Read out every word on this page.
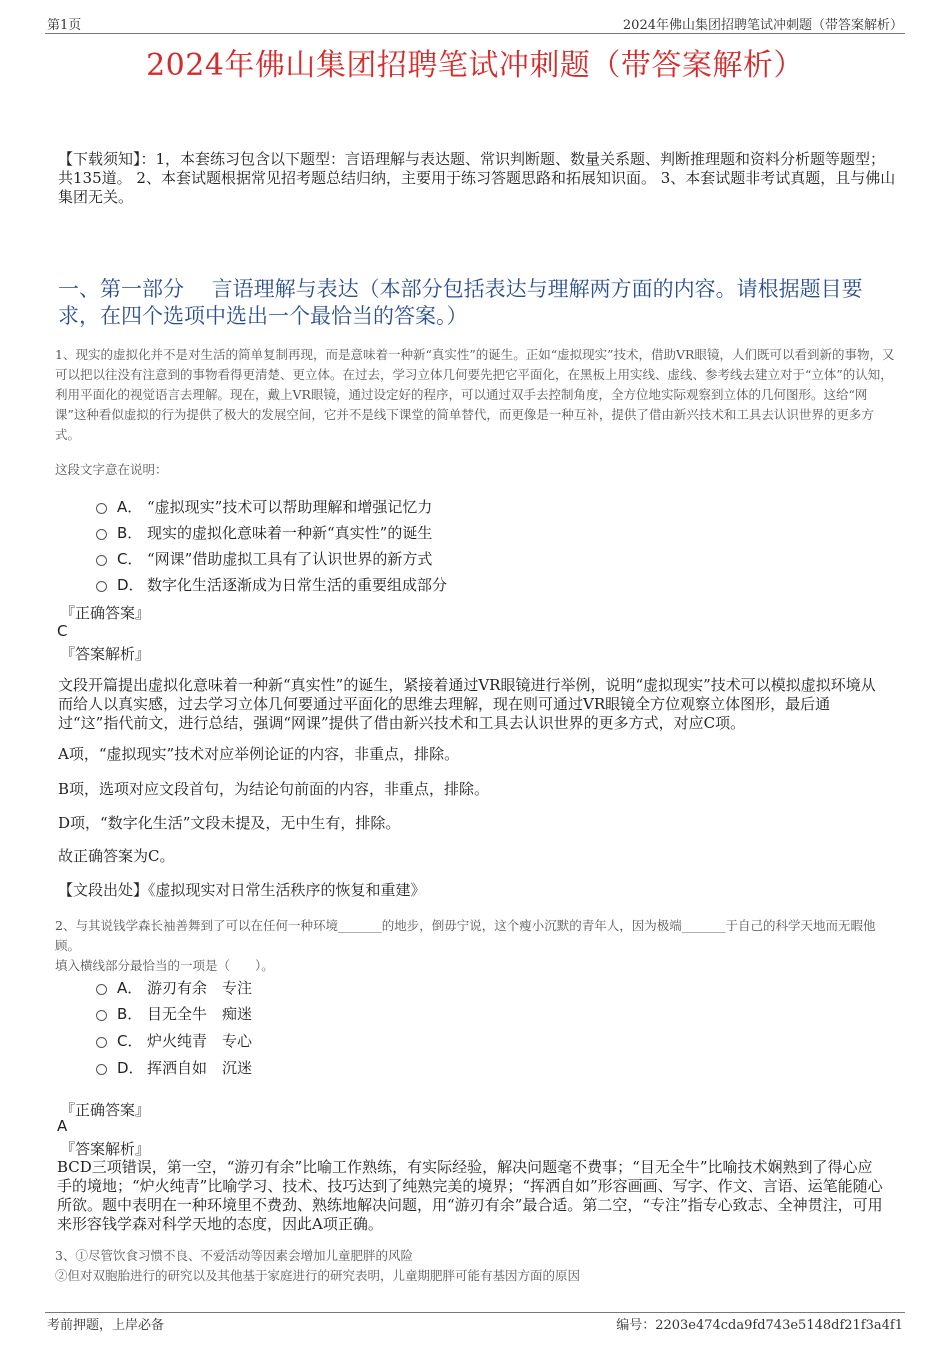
第1页	2024年佛山集团招聘笔试冲刺题（带答案解析）
2024年佛山集团招聘笔试冲刺题（带答案解析）
【下载须知】：1，本套练习包含以下题型：言语理解与表达题、常识判断题、数量关系题、判断推理题和资料分析题等题型；共135道。 2、本套试题根据常见招考题总结归纳，主要用于练习答题思路和拓展知识面。 3、本套试题非考试真题，且与佛山集团无关。
一、第一部分　 言语理解与表达（本部分包括表达与理解两方面的内容。请根据题目要求，在四个选项中选出一个最恰当的答案。）
1、现实的虚拟化并不是对生活的简单复制再现，而是意味着一种新“真实性”的诞生。正如“虚拟现实”技术，借助VR眼镜，人们既可以看到新的事物，又可以把以往没有注意到的事物看得更清楚、更立体。在过去，学习立体几何要先把它平面化，在黑板上用实线、虚线、参考线去建立对于“立体”的认知，利用平面化的视觉语言去理解。现在，戴上VR眼镜，通过设定好的程序，可以通过双手去控制角度，全方位地实际观察到立体的几何图形。这给“网课”这种看似虚拟的行为提供了极大的发展空间，它并不是线下课堂的简单替代，而更像是一种互补，提供了借由新兴技术和工具去认识世界的更多方式。
这段文字意在说明：
A． “虚拟现实”技术可以帮助理解和增强记忆力
B． 现实的虚拟化意味着一种新“真实性”的诞生
C． “网课”借助虚拟工具有了认识世界的新方式
D． 数字化生活逐渐成为日常生活的重要组成部分
『正确答案』
C
『答案解析』
文段开篇提出虚拟化意味着一种新“真实性”的诞生，紧接着通过VR眼镜进行举例，说明“虚拟现实”技术可以模拟虚拟环境从而给人以真实感，过去学习立体几何要通过平面化的思维去理解，现在则可通过VR眼镜全方位观察立体图形，最后通过“这”指代前文，进行总结，强调“网课”提供了借由新兴技术和工具去认识世界的更多方式，对应C项。
A项，“虚拟现实”技术对应举例论证的内容，非重点，排除。
B项，选项对应文段首句，为结论句前面的内容，非重点，排除。
D项，“数字化生活”文段未提及，无中生有，排除。
故正确答案为C。
【文段出处】《虚拟现实对日常生活秩序的恢复和重建》
2、与其说钱学森长袖善舞到了可以在任何一种环境_______的地步，倒毋宁说，这个瘦小沉默的青年人，因为极端_______于自己的科学天地而无暇他顾。
填入横线部分最恰当的一项是（　　）。
A． 游刃有余　专注
B． 目无全牛　痴迷
C． 炉火纯青　专心
D． 挥洒自如　沉迷
『正确答案』
A
『答案解析』
BCD三项错误，第一空，“游刃有余”比喻工作熟练，有实际经验，解决问题毫不费事；“目无全牛”比喻技术娴熟到了得心应手的境地；“炉火纯青”比喻学习、技术、技巧达到了纯熟完美的境界；“挥洒自如”形容画画、写字、作文、言语、运笔能随心所欲。题中表明在一种环境里不费劲、熟练地解决问题，用“游刃有余”最合适。第二空，“专注”指专心致志、全神贯注，可用来形容钱学森对科学天地的态度，因此A项正确。
3、①尽管饮食习惯不良、不爱活动等因素会增加儿童肥胖的风险
②但对双胞胎进行的研究以及其他基于家庭进行的研究表明，儿童期肥胖可能有基因方面的原因
考前押题，上岸必备	编号：2203e474cda9fd743e5148df21f3a4f1
